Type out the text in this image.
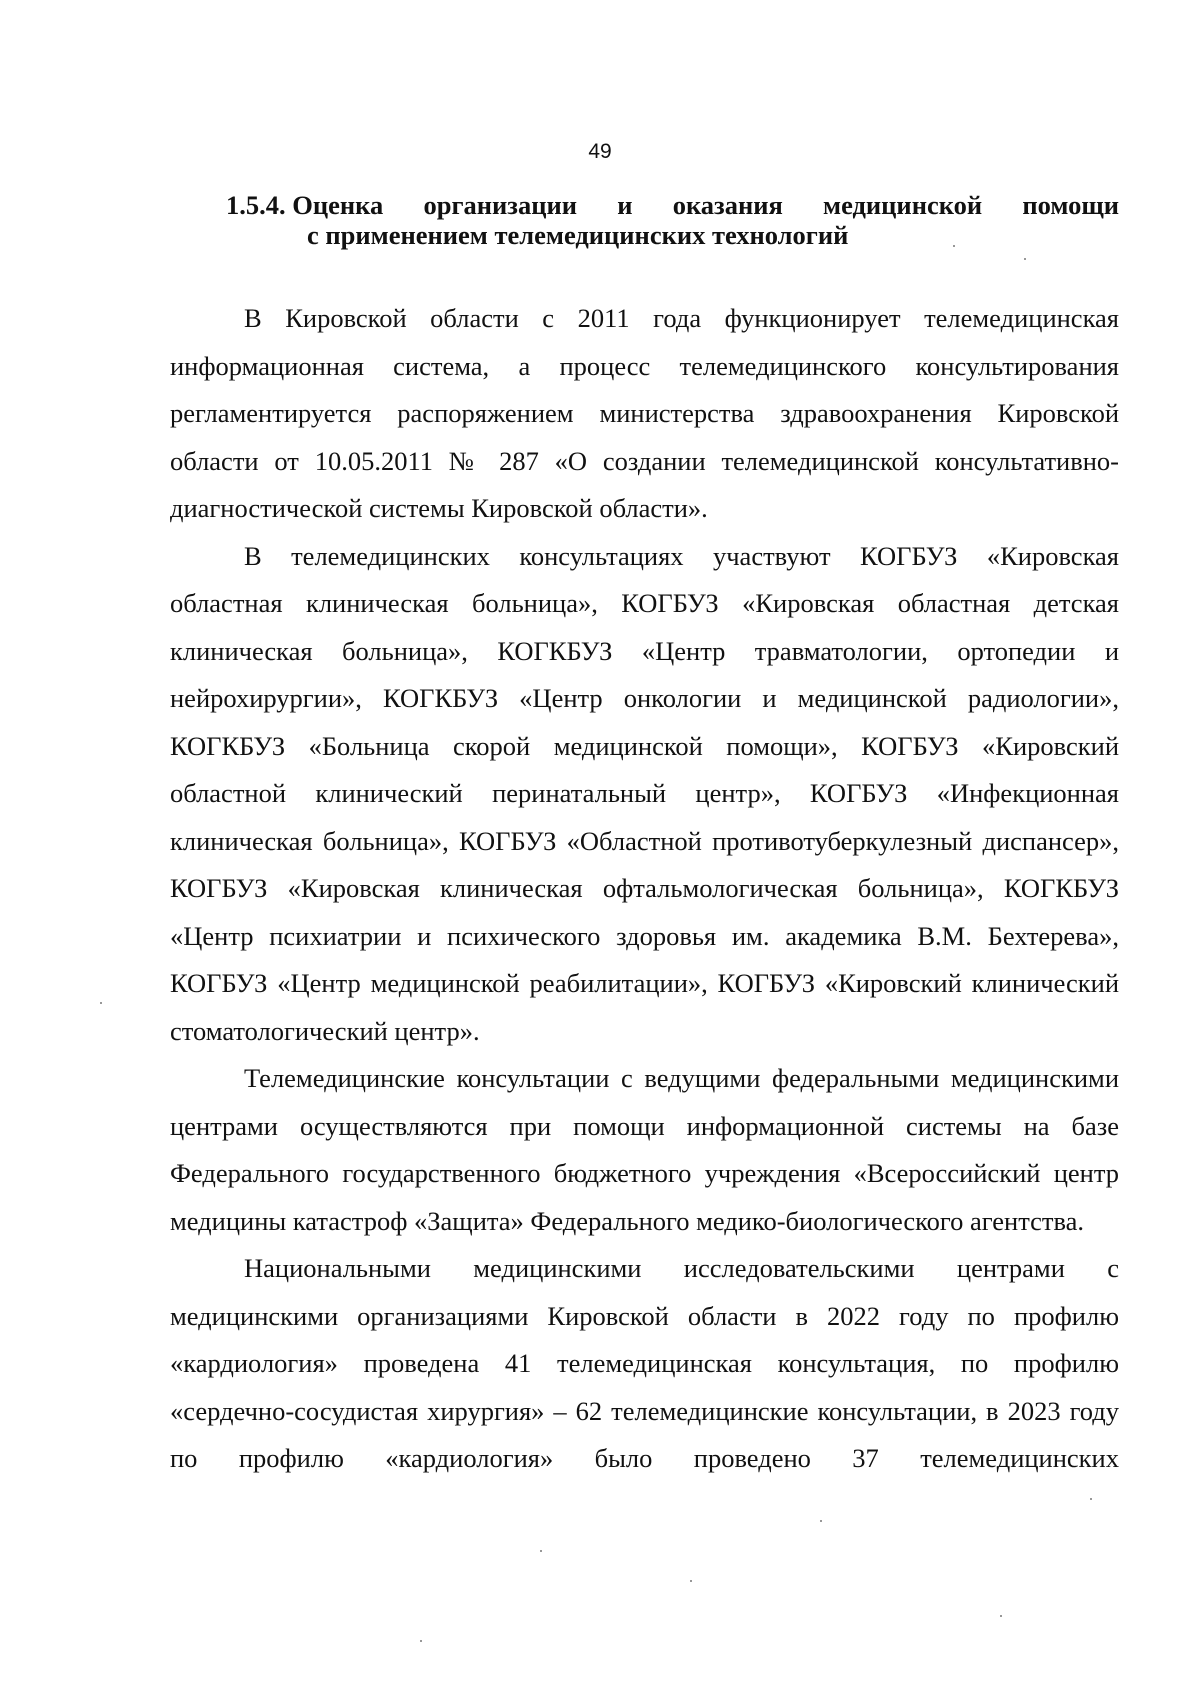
49
1.5.4. Оценка организации и оказания медицинской помощи
с применением телемедицинских технологий

В Кировской области с 2011 года функционирует телемедицинская информационная система, а процесс телемедицинского консультирования регламентируется распоряжением министерства здравоохранения Кировской области от 10.05.2011 № 287 «О создании телемедицинской консультативно-диагностической системы Кировской области».

В телемедицинских консультациях участвуют КОГБУЗ «Кировская областная клиническая больница», КОГБУЗ «Кировская областная детская клиническая больница», КОГКБУЗ «Центр травматологии, ортопедии и нейрохирургии», КОГКБУЗ «Центр онкологии и медицинской радиологии», КОГКБУЗ «Больница скорой медицинской помощи», КОГБУЗ «Кировский областной клинический перинатальный центр», КОГБУЗ «Инфекционная клиническая больница», КОГБУЗ «Областной противотуберкулезный диспансер», КОГБУЗ «Кировская клиническая офтальмологическая больница», КОГКБУЗ «Центр психиатрии и психического здоровья им. академика В.М. Бехтерева», КОГБУЗ «Центр медицинской реабилитации», КОГБУЗ «Кировский клинический стоматологический центр».

Телемедицинские консультации с ведущими федеральными медицинскими центрами осуществляются при помощи информационной системы на базе Федерального государственного бюджетного учреждения «Всероссийский центр медицины катастроф «Защита» Федерального медико-биологического агентства.

Национальными медицинскими исследовательскими центрами с медицинскими организациями Кировской области в 2022 году по профилю «кардиология» проведена 41 телемедицинская консультация, по профилю «сердечно-сосудистая хирургия» – 62 телемедицинские консультации, в 2023 году по профилю «кардиология» было проведено 37 телемедицинских
